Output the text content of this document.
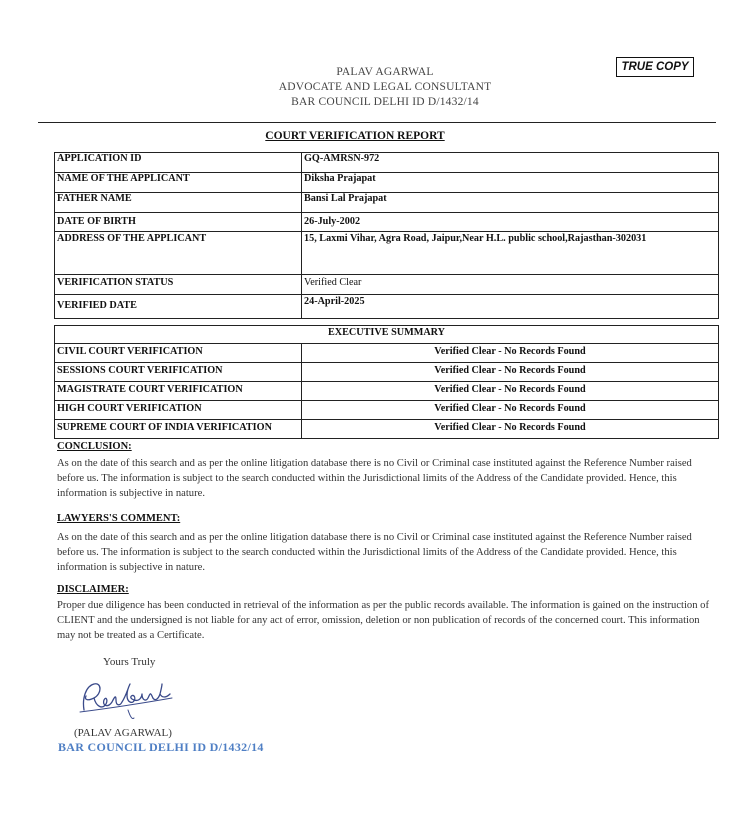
PALAV AGARWAL
ADVOCATE AND LEGAL CONSULTANT
BAR COUNCIL DELHI ID D/1432/14
TRUE COPY
COURT VERIFICATION REPORT
APPLICATION ID	GQ-AMRSN-972
NAME OF THE APPLICANT	Diksha Prajapat
FATHER NAME	Bansi Lal Prajapat
DATE OF BIRTH	26-July-2002
ADDRESS OF THE APPLICANT	15, Laxmi Vihar, Agra Road, Jaipur,Near H.L. public school,Rajasthan-302031
VERIFICATION STATUS	Verified Clear
VERIFIED DATE	24-April-2025
EXECUTIVE SUMMARY	
CIVIL COURT VERIFICATION	Verified Clear - No Records Found
SESSIONS COURT VERIFICATION	Verified Clear - No Records Found
MAGISTRATE COURT VERIFICATION	Verified Clear - No Records Found
HIGH COURT VERIFICATION	Verified Clear - No Records Found
SUPREME COURT OF INDIA VERIFICATION	Verified Clear - No Records Found
CONCLUSION:
As on the date of this search and as per the online litigation database there is no Civil or Criminal case instituted against the Reference Number raised before us. The information is subject to the search conducted within the Jurisdictional limits of the Address of the Candidate provided. Hence, this information is subjective in nature.
LAWYERS'S COMMENT:
As on the date of this search and as per the online litigation database there is no Civil or Criminal case instituted against the Reference Number raised before us. The information is subject to the search conducted within the Jurisdictional limits of the Address of the Candidate provided. Hence, this information is subjective in nature.
DISCLAIMER:
Proper due diligence has been conducted in retrieval of the information as per the public records available. The information is gained on the instruction of CLIENT and the undersigned is not liable for any act of error, omission, deletion or non publication of records of the concerned court. This information may not be treated as a Certificate.
Yours Truly
(PALAV AGARWAL)
BAR COUNCIL DELHI ID D/1432/14
